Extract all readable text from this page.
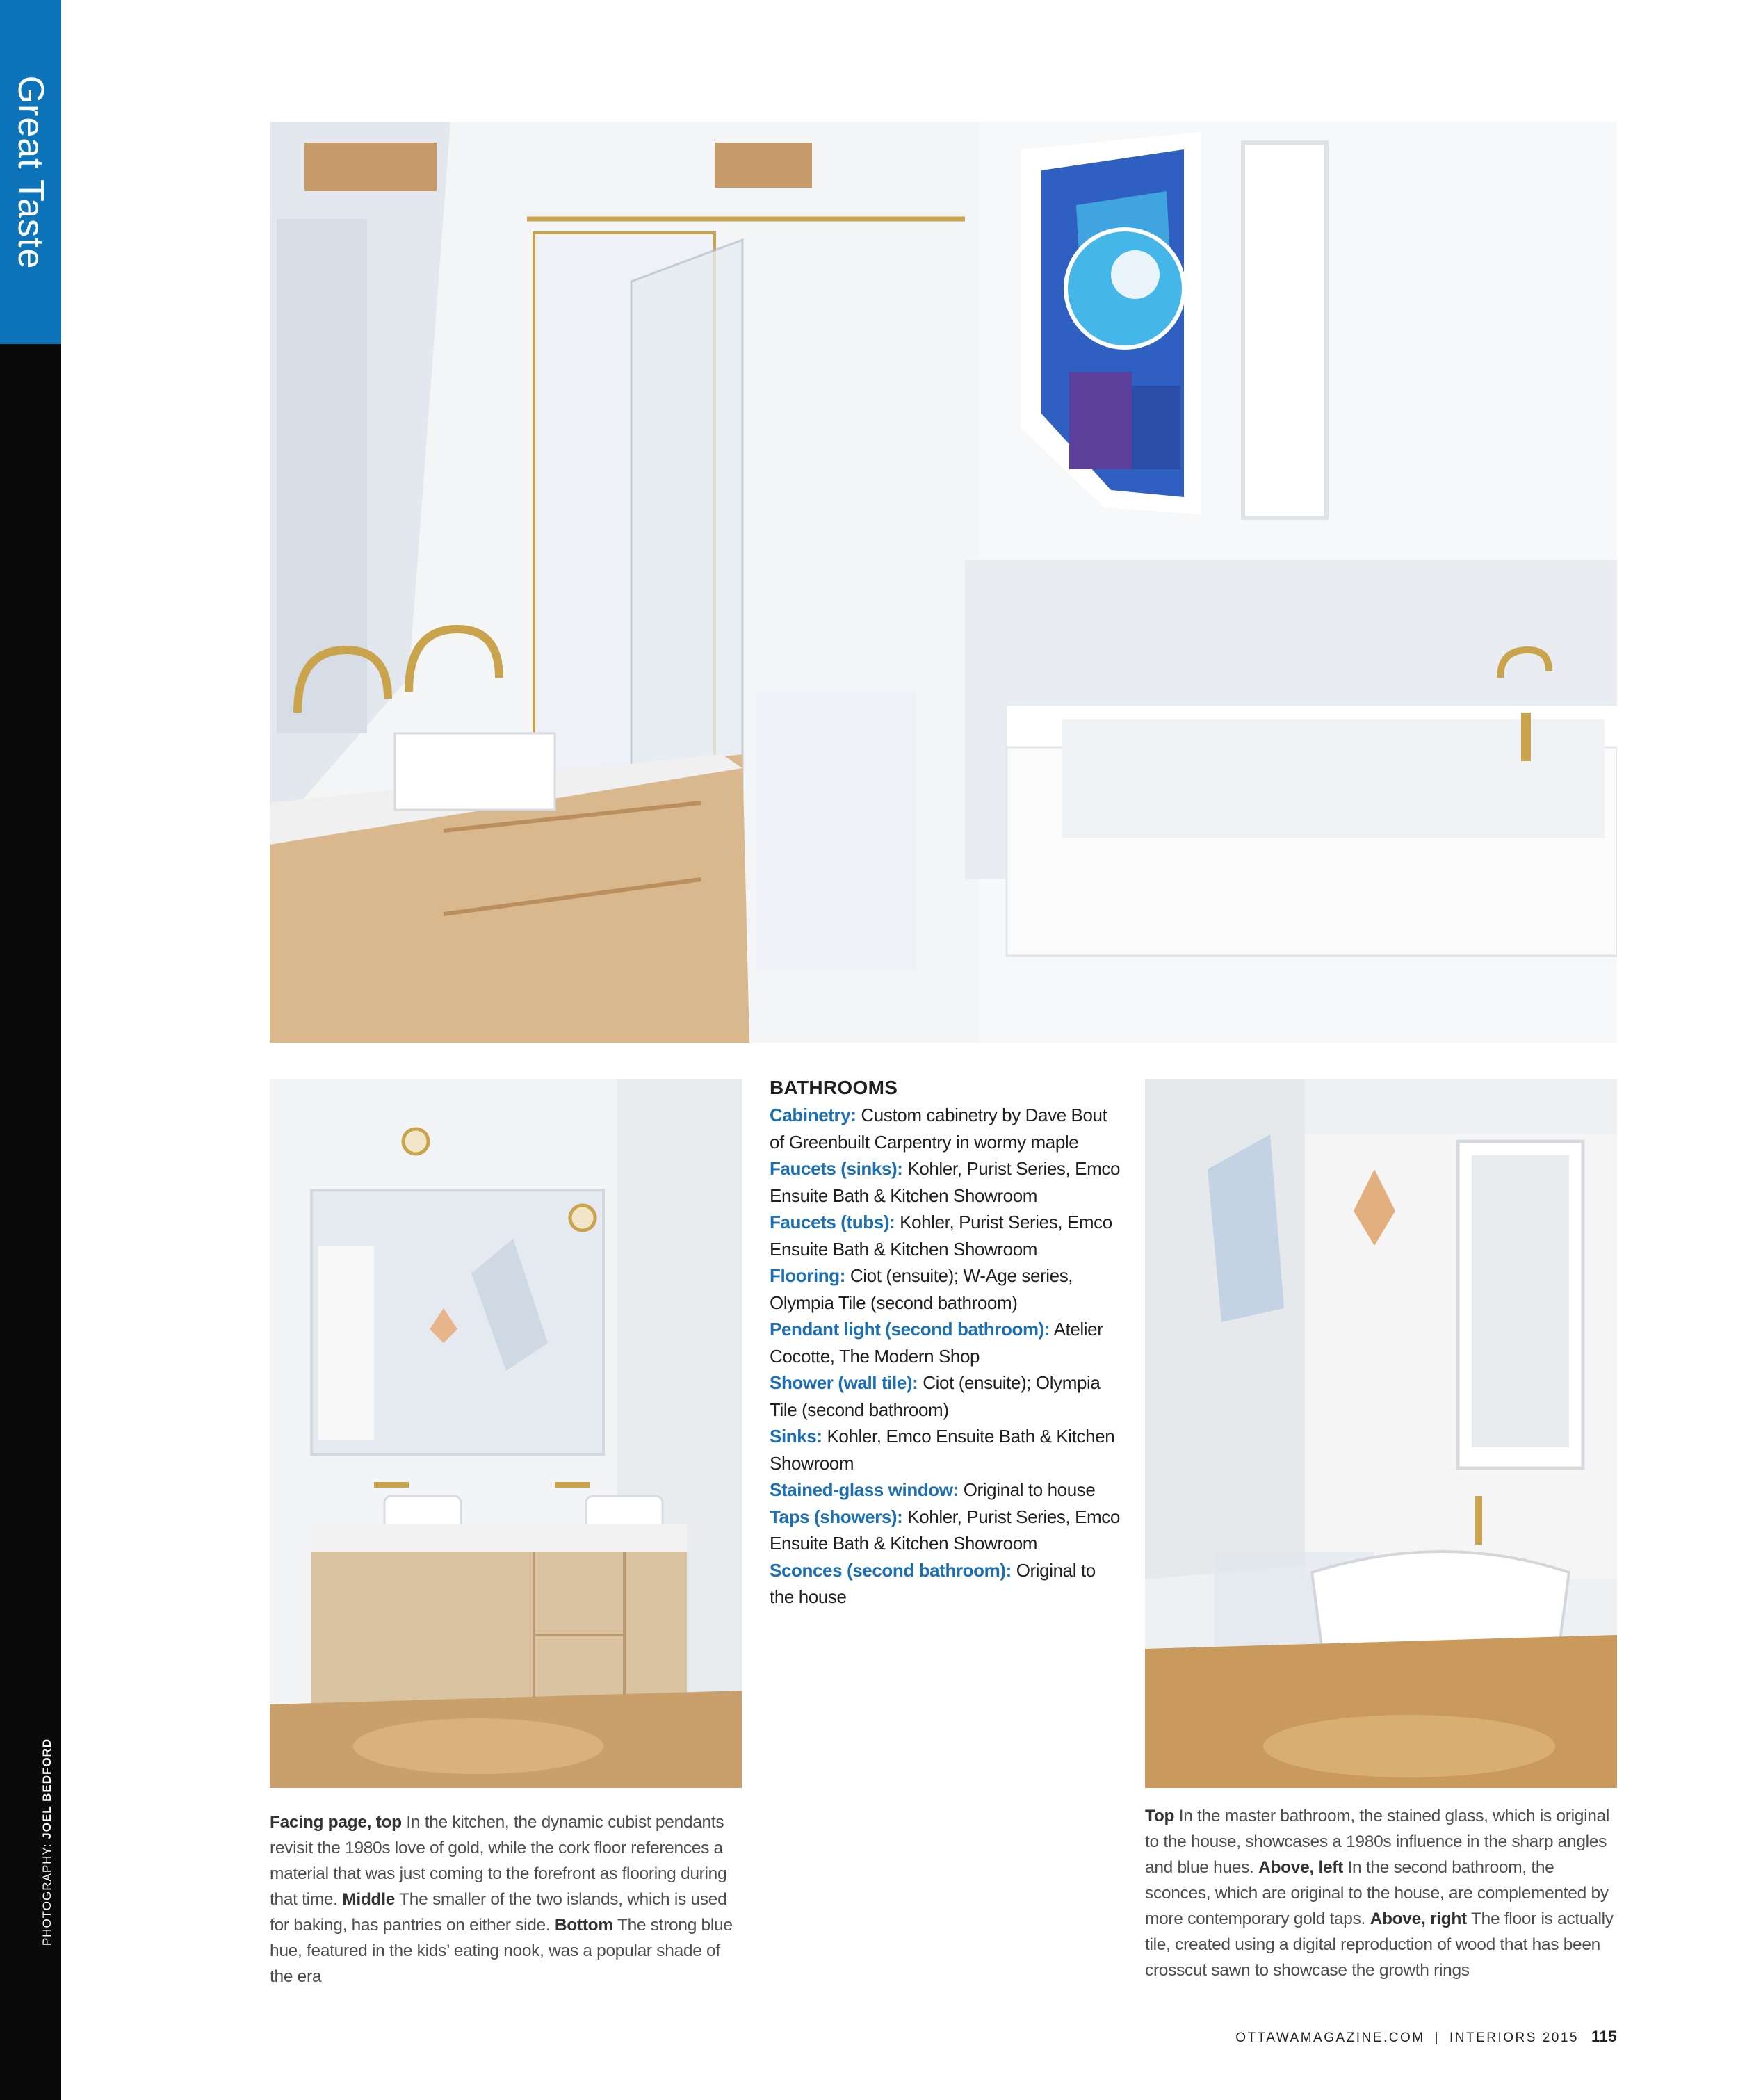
Great Taste
PHOTOGRAPHY: JOEL BEDFORD

BATHROOMS

Cabinetry: Custom cabinetry by Dave Bout of Greenbuilt Carpentry in wormy maple

Faucets (sinks): Kohler, Purist Series, Emco Ensuite Bath & Kitchen Showroom

Faucets (tubs): Kohler, Purist Series, Emco Ensuite Bath & Kitchen Showroom

Flooring: Ciot (ensuite); W-Age series, Olympia Tile (second bathroom)

Pendant light (second bathroom): Atelier Cocotte, The Modern Shop

Shower (wall tile): Ciot (ensuite); Olympia Tile (second bathroom)

Sinks: Kohler, Emco Ensuite Bath & Kitchen Showroom

Stained-glass window: Original to house

Taps (showers): Kohler, Purist Series, Emco Ensuite Bath & Kitchen Showroom

Sconces (second bathroom): Original to the house

Facing page, top In the kitchen, the dynamic cubist pendants revisit the 1980s love of gold, while the cork floor references a material that was just coming to the forefront as flooring during that time. Middle The smaller of the two islands, which is used for baking, has pantries on either side. Bottom The strong blue hue, featured in the kids’ eating nook, was a popular shade of the era

Top In the master bathroom, the stained glass, which is original to the house, showcases a 1980s influence in the sharp angles and blue hues. Above, left In the second bathroom, the sconces, which are original to the house, are complemented by more contemporary gold taps. Above, right The floor is actually tile, created using a digital reproduction of wood that has been crosscut sawn to showcase the growth rings

OTTAWAMAGAZINE.COM | INTERIORS 2015 115
